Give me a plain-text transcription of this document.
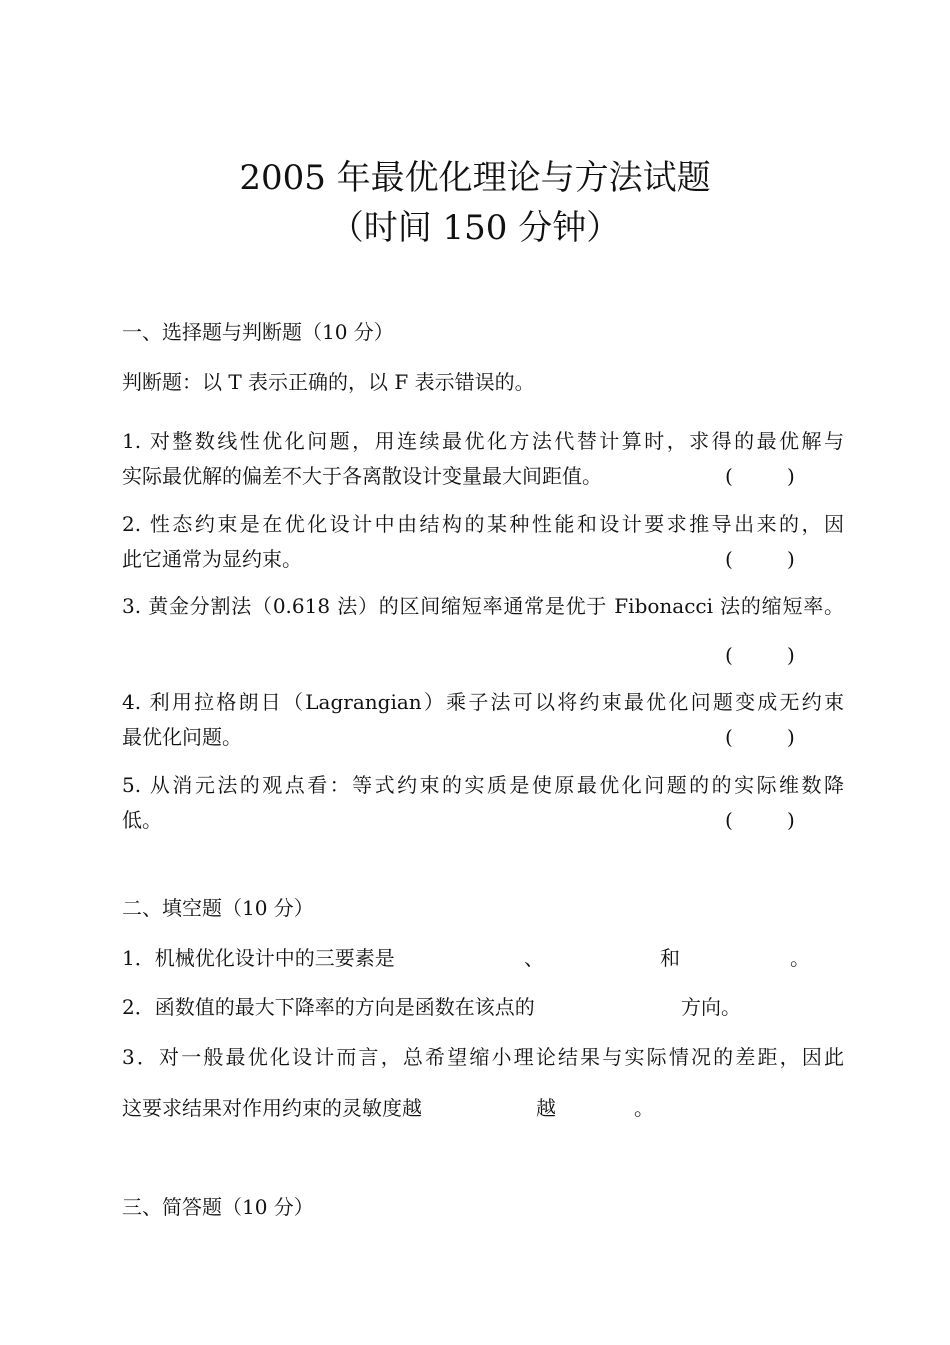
2005 年最优化理论与方法试题
（时间 150 分钟）
一、选择题与判断题（10 分）
判断题：以 T 表示正确的，以 F 表示错误的。
1. 对整数线性优化问题，用连续最优化方法代替计算时，求得的最优解与
实际最优解的偏差不大于各离散设计变量最大间距值。	(	)
2. 性态约束是在优化设计中由结构的某种性能和设计要求推导出来的，因
此它通常为显约束。	(	)
3. 黄金分割法（0.618 法）的区间缩短率通常是优于 Fibonacci 法的缩短率。
(	)
4. 利用拉格朗日（Lagrangian）乘子法可以将约束最优化问题变成无约束
最优化问题。	(	)
5. 从消元法的观点看：等式约束的实质是使原最优化问题的的实际维数降
低。	(	)
二、填空题（10 分）
1．机械优化设计中的三要素是	、	和	。
2．函数值的最大下降率的方向是函数在该点的	方向。
3．对一般最优化设计而言，总希望缩小理论结果与实际情况的差距，因此
这要求结果对作用约束的灵敏度越	越	。
三、简答题（10 分）
